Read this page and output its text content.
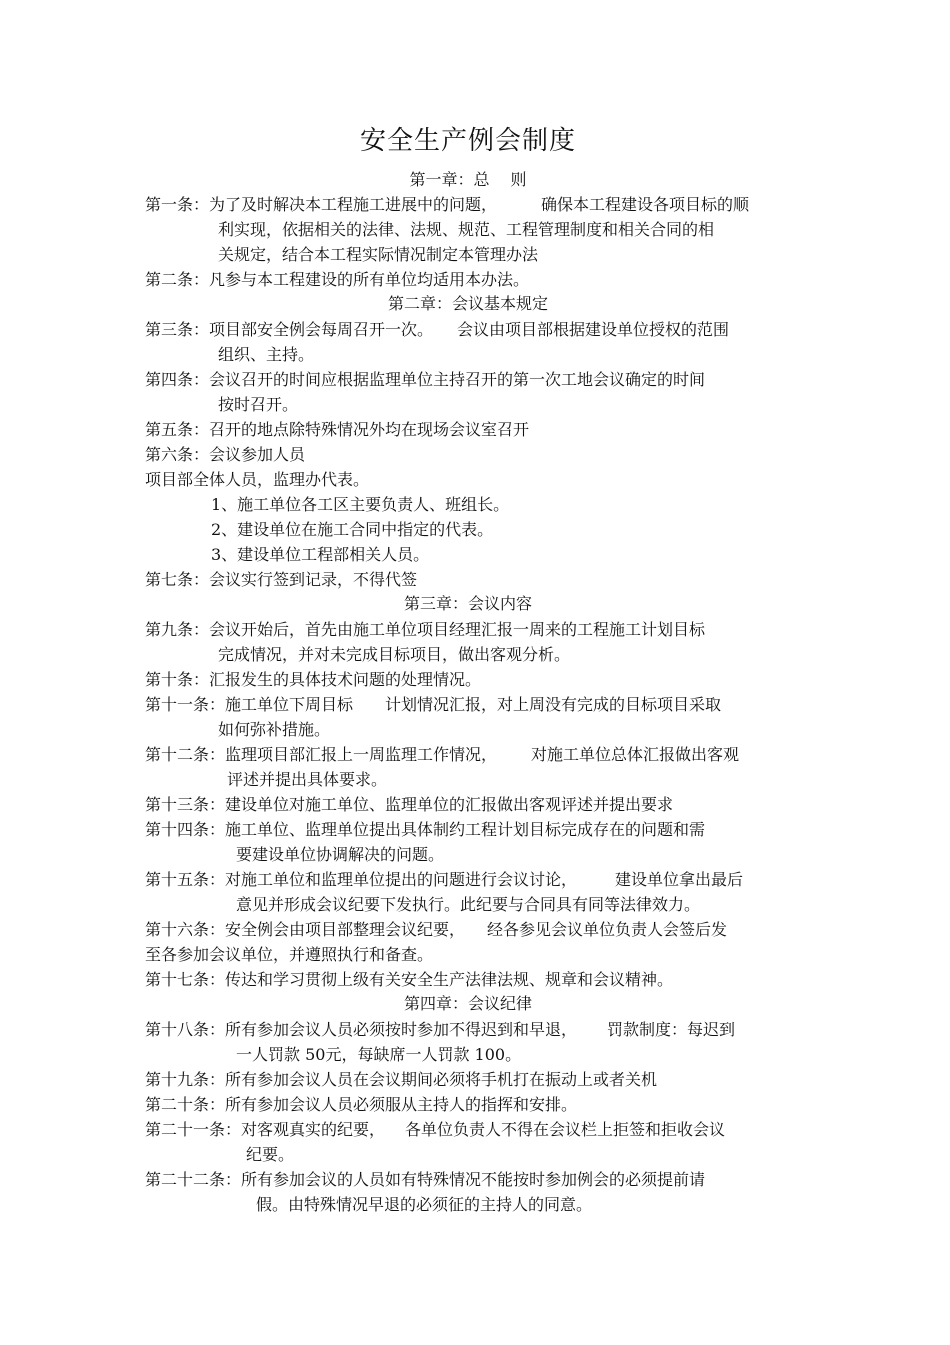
安全生产例会制度
第一章：总　 则
第一条：为了及时解决本工程施工进展中的问题，	确保本工程建设各项目标的顺
利实现，依据相关的法律、法规、规范、工程管理制度和相关合同的相
关规定，结合本工程实际情况制定本管理办法
第二条：凡参与本工程建设的所有单位均适用本办法。
第二章：会议基本规定
第三条：项目部安全例会每周召开一次。 会议由项目部根据建设单位授权的范围
组织、主持。
第四条：会议召开的时间应根据监理单位主持召开的第一次工地会议确定的时间
按时召开。
第五条：召开的地点除特殊情况外均在现场会议室召开
第六条：会议参加人员
项目部全体人员，监理办代表。
1、施工单位各工区主要负责人、班组长。
2、建设单位在施工合同中指定的代表。
3、建设单位工程部相关人员。
第七条：会议实行签到记录，不得代签
第三章：会议内容
第九条：会议开始后，首先由施工单位项目经理汇报一周来的工程施工计划目标
完成情况，并对未完成目标项目，做出客观分析。
第十条：汇报发生的具体技术问题的处理情况。
第十一条：施工单位下周目标 计划情况汇报，对上周没有完成的目标项目采取
如何弥补措施。
第十二条：监理项目部汇报上一周监理工作情况， 对施工单位总体汇报做出客观
评述并提出具体要求。
第十三条：建设单位对施工单位、监理单位的汇报做出客观评述并提出要求
第十四条：施工单位、监理单位提出具体制约工程计划目标完成存在的问题和需
要建设单位协调解决的问题。
第十五条：对施工单位和监理单位提出的问题进行会议讨论， 建设单位拿出最后
意见并形成会议纪要下发执行。此纪要与合同具有同等法律效力。
第十六条：安全例会由项目部整理会议纪要， 经各参见会议单位负责人会签后发
至各参加会议单位，并遵照执行和备查。
第十七条：传达和学习贯彻上级有关安全生产法律法规、规章和会议精神。
第四章：会议纪律
第十八条：所有参加会议人员必须按时参加不得迟到和早退， 罚款制度：每迟到
一人罚款 50元，每缺席一人罚款 100。
第十九条：所有参加会议人员在会议期间必须将手机打在振动上或者关机
第二十条：所有参加会议人员必须服从主持人的指挥和安排。
第二十一条：对客观真实的纪要， 各单位负责人不得在会议栏上拒签和拒收会议
纪要。
第二十二条：所有参加会议的人员如有特殊情况不能按时参加例会的必须提前请
假。由特殊情况早退的必须征的主持人的同意。
